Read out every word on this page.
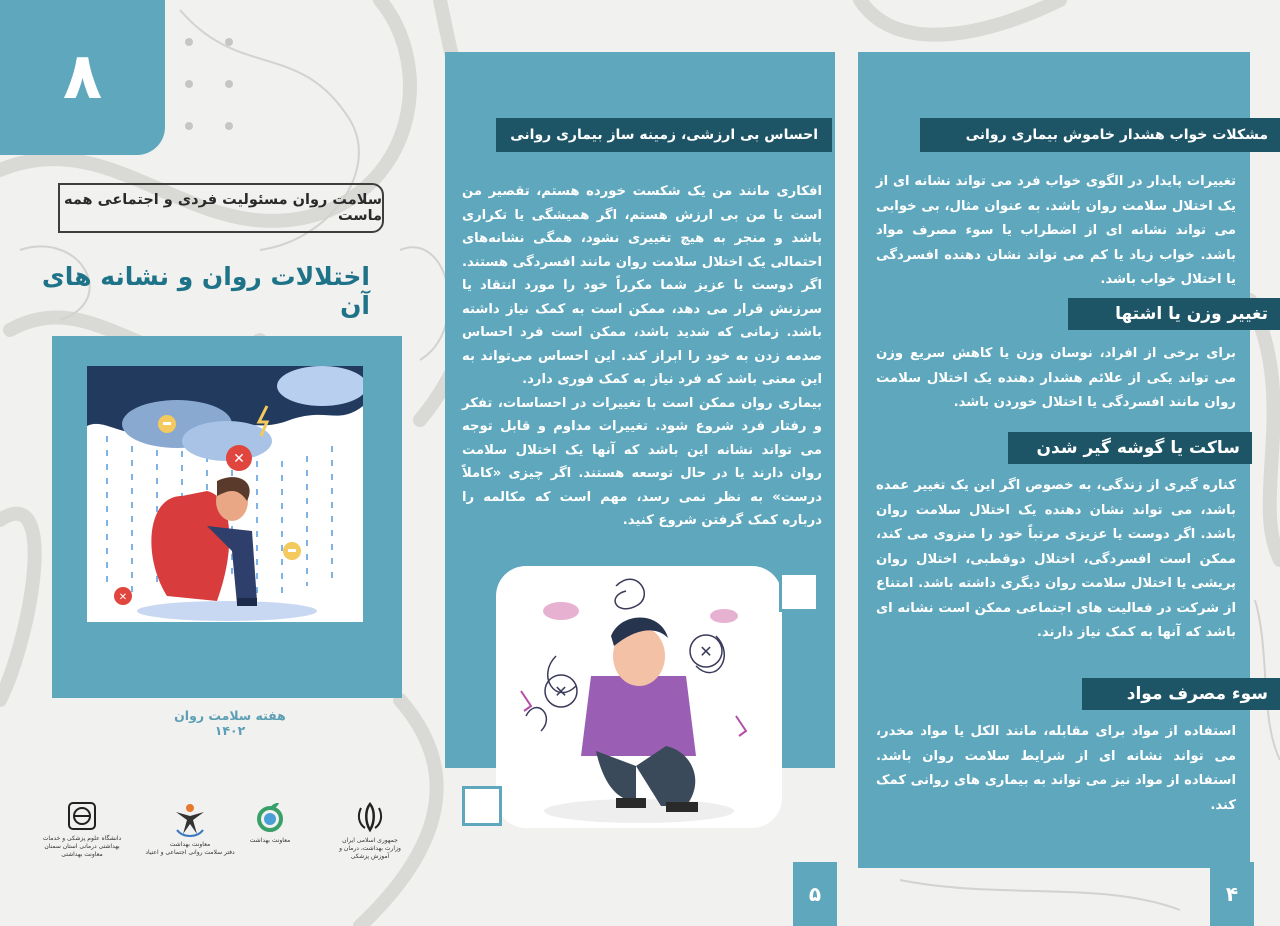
۸
سلامت روان مسئولیت فردی و اجتماعی همه ماست
اختلالات روان و نشانه های آن
✕
✕
هفته سلامت روان ۱۴۰۲
جمهوری اسلامی ایران
وزارت بهداشت، درمان و آموزش پزشکی
معاونت بهداشت
معاونت بهداشت
دفتر سلامت روانی اجتماعی و اعتیاد
دانشگاه علوم پزشکی و خدمات بهداشتی درمانی استان سمنان
معاونت بهداشتی
احساس بی ارزشی، زمینه ساز بیماری روانی

افکاری مانند من یک شکست خورده هستم، تقصیر من است یا من بی ارزش هستم، اگر همیشگی یا تکراری باشد و منجر به هیچ تغییری نشود، همگی نشانه‌های احتمالی یک اختلال سلامت روان مانند افسردگی هستند. اگر دوست یا عزیز شما مکرراً خود را مورد انتقاد یا سرزنش قرار می دهد، ممکن است به کمک نیاز داشته باشد. زمانی که شدید باشد، ممکن است فرد احساس صدمه زدن به خود را ابراز کند. این احساس می‌تواند به این معنی باشد که فرد نیاز به کمک فوری دارد.

بیماری روان ممکن است با تغییرات در احساسات، تفکر و رفتار فرد شروع شود. تغییرات مداوم و قابل توجه می تواند نشانه این باشد که آنها یک اختلال سلامت روان دارند یا در حال توسعه هستند. اگر چیزی «کاملاً درست» به نظر نمی رسد، مهم است که مکالمه را درباره کمک گرفتن شروع کنید.

✕
✕
۵
مشکلات خواب هشدار خاموش بیماری روانی
تغییرات پایدار در الگوی خواب فرد می تواند نشانه ای از یک اختلال سلامت روان باشد. به عنوان مثال، بی خوابی می تواند نشانه ای از اضطراب یا سوء مصرف مواد باشد. خواب زیاد یا کم می تواند نشان دهنده افسردگی یا اختلال خواب باشد.
تغییر وزن یا اشتها
برای برخی از افراد، نوسان وزن یا کاهش سریع وزن می تواند یکی از علائم هشدار دهنده یک اختلال سلامت روان مانند افسردگی یا اختلال خوردن باشد.
ساکت یا گوشه گیر شدن
کناره گیری از زندگی، به خصوص اگر این یک تغییر عمده باشد، می تواند نشان دهنده یک اختلال سلامت روان باشد. اگر دوست یا عزیزی مرتباً خود را منزوی می کند، ممکن است افسردگی، اختلال دوقطبی، اختلال روان پریشی یا اختلال سلامت روان دیگری داشته باشد. امتناع از شرکت در فعالیت های اجتماعی ممکن است نشانه ای باشد که آنها به کمک نیاز دارند.
سوء مصرف مواد
استفاده از مواد برای مقابله، مانند الکل یا مواد مخدر، می تواند نشانه ای از شرایط سلامت روان باشد. استفاده از مواد نیز می تواند به بیماری های روانی کمک کند.
۴
